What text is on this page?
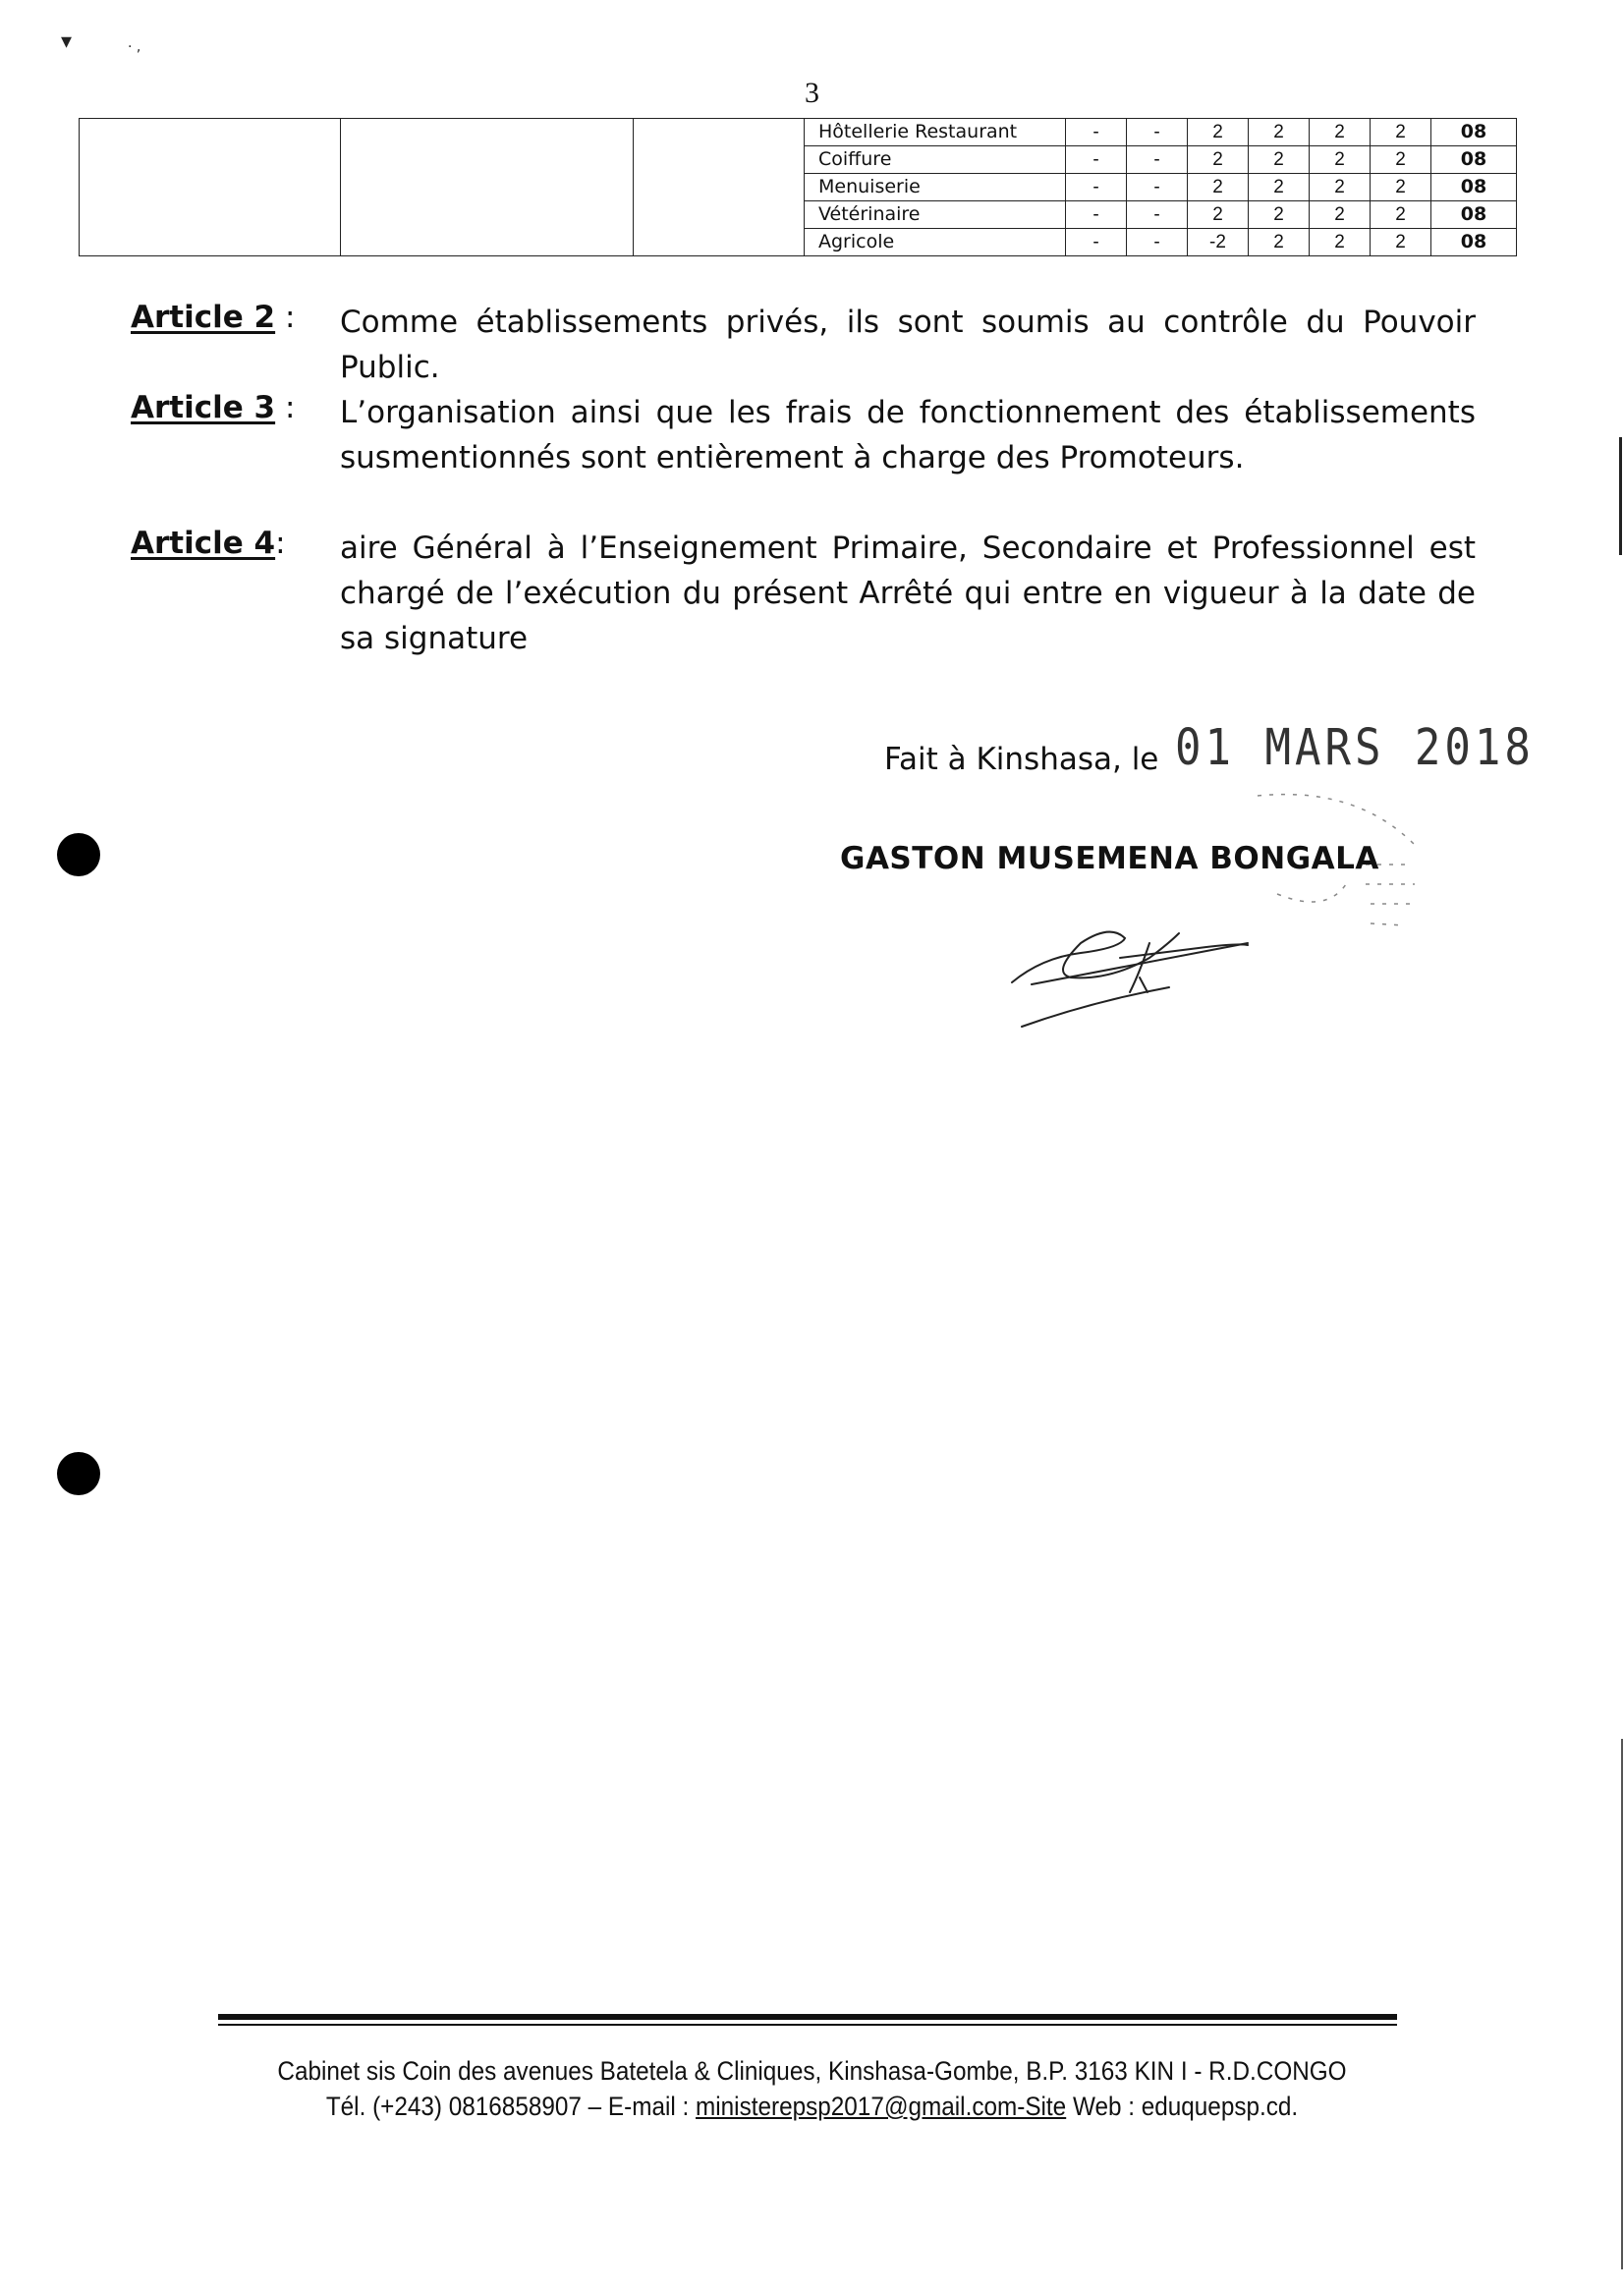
▾	· ,
3
			Hôtellerie Restaurant	-	-	2	2	2	2	08
			Coiffure	-	-	2	2	2	2	08
			Menuiserie	-	-	2	2	2	2	08
			Vétérinaire	-	-	2	2	2	2	08
			Agricole	-	-	-2	2	2	2	08
Article 2 : Comme établissements privés, ils sont soumis au contrôle du Pouvoir Public.
Article 3 : L’organisation ainsi que les frais de fonctionnement des établissements susmentionnés sont entièrement à charge des Promoteurs.
Article 4: aire Général à l’Enseignement Primaire, Secondaire et Professionnel est chargé de l’exécution du présent Arrêté qui entre en vigueur à la date de sa signature
Fait à Kinshasa, le 01 MARS 2018
GASTON MUSEMENA BONGALA
Cabinet sis Coin des avenues Batetela & Cliniques, Kinshasa-Gombe, B.P. 3163 KIN I - R.D.CONGO
Tél. (+243) 0816858907 – E-mail : ministerepsp2017@gmail.com-Site Web : eduquepsp.cd.
